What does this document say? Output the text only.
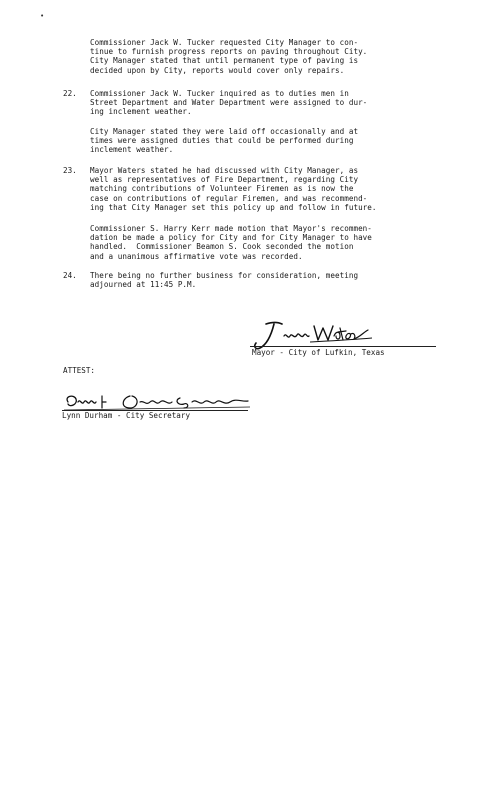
•
Commissioner Jack W. Tucker requested City Manager to con-
tinue to furnish progress reports on paving throughout City.
City Manager stated that until permanent type of paving is
decided upon by City, reports would cover only repairs.
22. Commissioner Jack W. Tucker inquired as to duties men in
Street Department and Water Department were assigned to dur-
ing inclement weather.
City Manager stated they were laid off occasionally and at
times were assigned duties that could be performed during
inclement weather.
23. Mayor Waters stated he had discussed with City Manager, as
well as representatives of Fire Department, regarding City
matching contributions of Volunteer Firemen as is now the
case on contributions of regular Firemen, and was recommend-
ing that City Manager set this policy up and follow in future.
Commissioner S. Harry Kerr made motion that Mayor's recommen-
dation be made a policy for City and for City Manager to have
handled.  Commissioner Beamon S. Cook seconded the motion
and a unanimous affirmative vote was recorded.
24. There being no further business for consideration, meeting
adjourned at 11:45 P.M.
Mayor - City of Lufkin, Texas
ATTEST:
Lynn Durham - City Secretary
